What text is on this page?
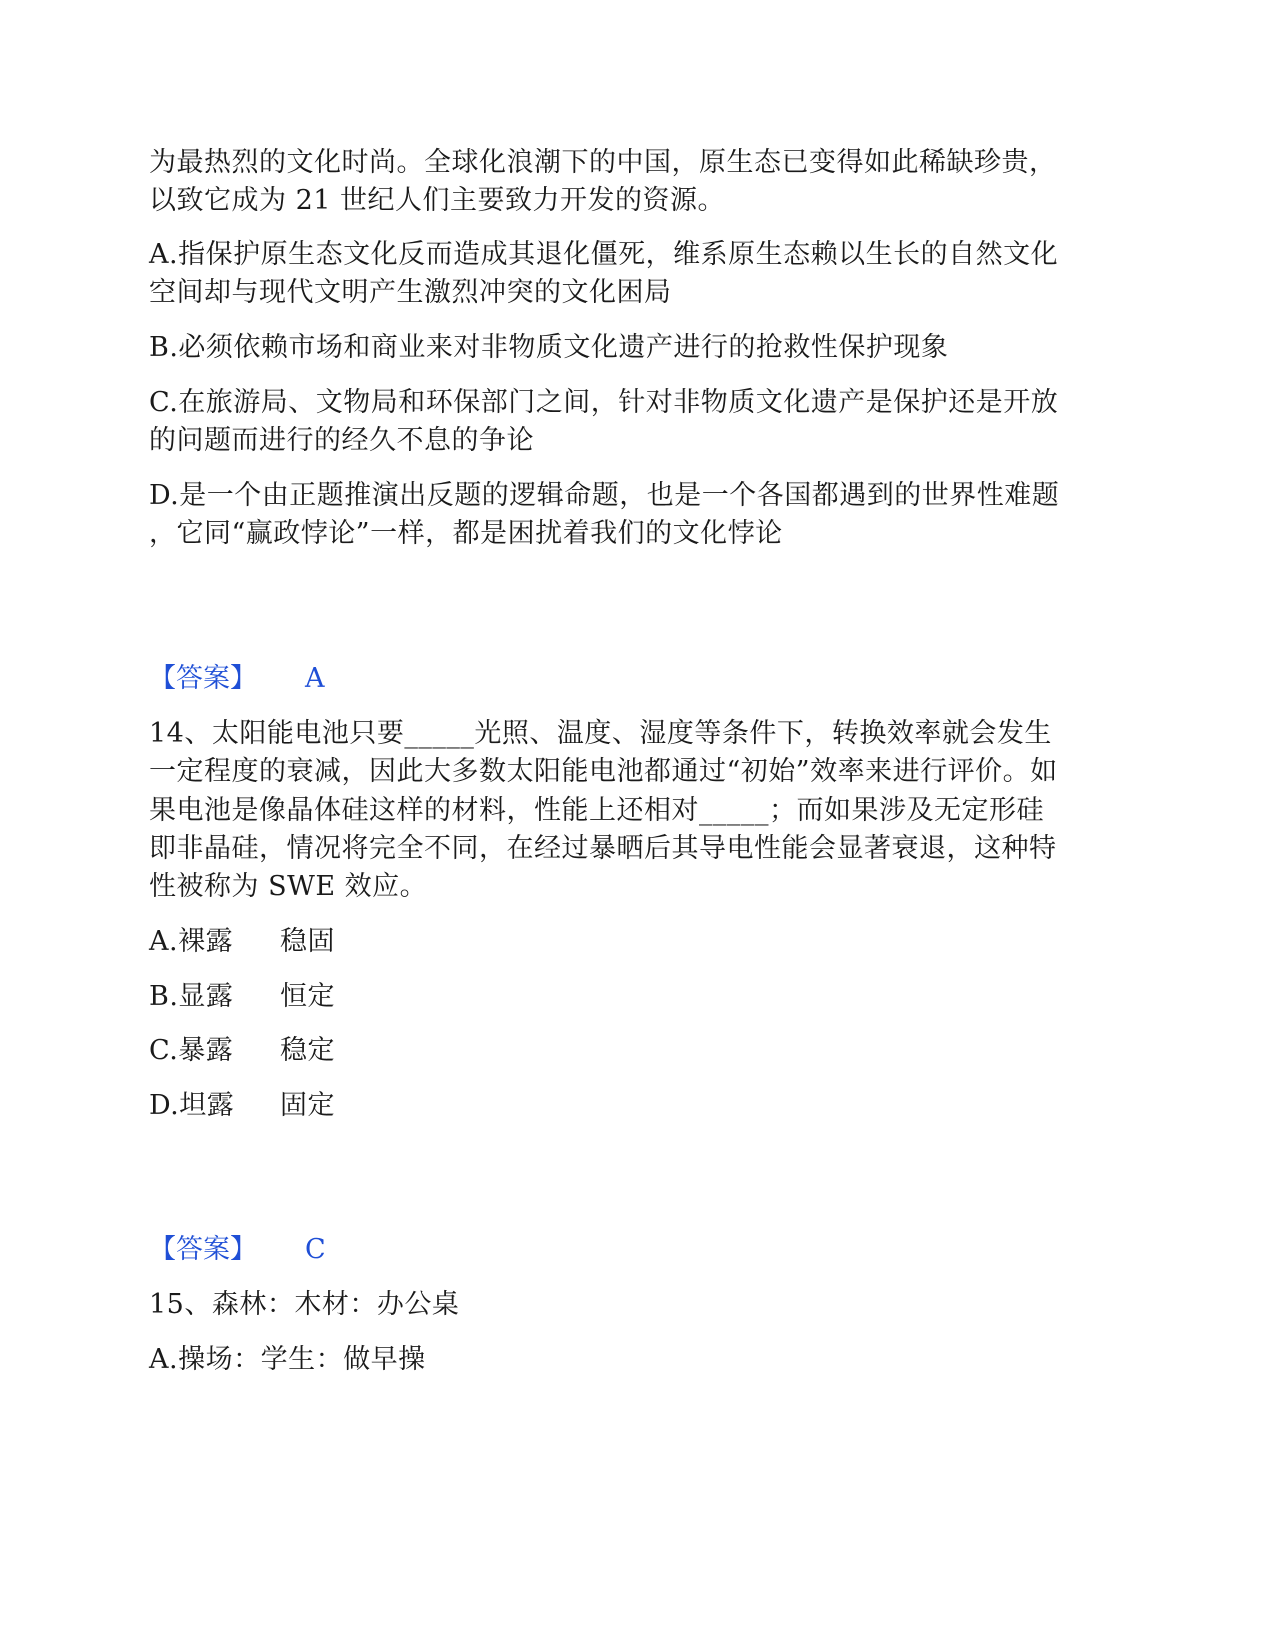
为最热烈的文化时尚。全球化浪潮下的中国，原生态已变得如此稀缺珍贵，
以致它成为 21 世纪人们主要致力开发的资源。
A.指保护原生态文化反而造成其退化僵死，维系原生态赖以生长的自然文化
空间却与现代文明产生激烈冲突的文化困局
B.必须依赖市场和商业来对非物质文化遗产进行的抢救性保护现象
C.在旅游局、文物局和环保部门之间，针对非物质文化遗产是保护还是开放
的问题而进行的经久不息的争论
D.是一个由正题推演出反题的逻辑命题，也是一个各国都遇到的世界性难题
，它同“赢政悖论”一样，都是困扰着我们的文化悖论
【答案】 A
14、太阳能电池只要_____光照、温度、湿度等条件下，转换效率就会发生
一定程度的衰减，因此大多数太阳能电池都通过“初始”效率来进行评价。如
果电池是像晶体硅这样的材料，性能上还相对_____；而如果涉及无定形硅
即非晶硅，情况将完全不同，在经过暴晒后其导电性能会显著衰退，这种特
性被称为 SWE 效应。
A.裸露 稳固
B.显露 恒定
C.暴露 稳定
D.坦露 固定
【答案】 C
15、森林：木材：办公桌
A.操场：学生：做早操
